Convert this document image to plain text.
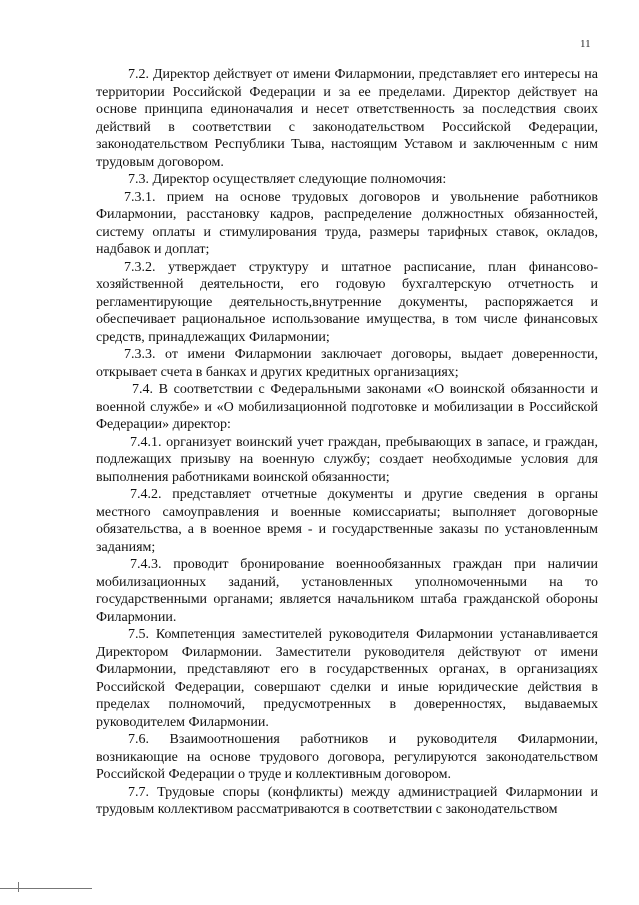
11

7.2. Директор действует от имени Филармонии, представляет его интересы на территории Российской Федерации и за ее пределами. Директор действует на основе принципа единоначалия и несет ответственность за последствия своих действий в соответствии с законодательством Российской Федерации, законодательством Республики Тыва, настоящим Уставом и заключенным с ним трудовым договором.

7.3. Директор осуществляет следующие полномочия:

7.3.1. прием на основе трудовых договоров и увольнение работников Филармонии, расстановку кадров, распределение должностных обязанностей, систему оплаты и стимулирования труда, размеры тарифных ставок, окладов, надбавок и доплат;

7.3.2. утверждает структуру и штатное расписание, план финансово-хозяйственной деятельности, его годовую бухгалтерскую отчетность и регламентирующие деятельность,внутренние документы, распоряжается и обеспечивает рациональное использование имущества, в том числе финансовых средств, принадлежащих Филармонии;

7.3.3. от имени Филармонии заключает договоры, выдает доверенности, открывает счета в банках и других кредитных организациях;

7.4. В соответствии с Федеральными законами «О воинской обязанности и военной службе» и «О мобилизационной подготовке и мобилизации в Российской Федерации» директор:

7.4.1. организует воинский учет граждан, пребывающих в запасе, и граждан, подлежащих призыву на военную службу; создает необходимые условия для выполнения работниками воинской обязанности;

7.4.2. представляет отчетные документы и другие сведения в органы местного самоуправления и военные комиссариаты; выполняет договорные обязательства, а в военное время - и государственные заказы по установленным заданиям;

7.4.3. проводит бронирование военнообязанных граждан при наличии мобилизационных заданий, установленных уполномоченными на то государственными органами; является начальником штаба гражданской обороны Филармонии.

7.5. Компетенция заместителей руководителя Филармонии устанавливается Директором Филармонии. Заместители руководителя действуют от имени Филармонии, представляют его в государственных органах, в организациях Российской Федерации, совершают сделки и иные юридические действия в пределах полномочий, предусмотренных в доверенностях, выдаваемых руководителем Филармонии.

7.6. Взаимоотношения работников и руководителя Филармонии, возникающие на основе трудового договора, регулируются законодательством Российской Федерации о труде и коллективным договором.

7.7. Трудовые споры (конфликты) между администрацией Филармонии и трудовым коллективом рассматриваются в соответствии с законодательством
